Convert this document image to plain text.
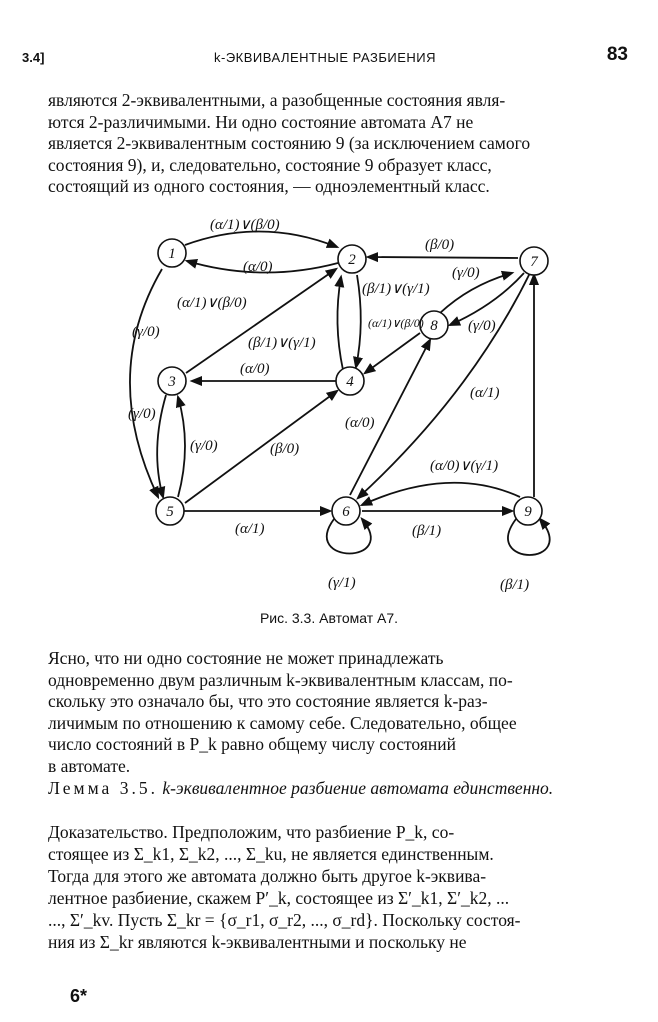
3.4]	k-ЭКВИВАЛЕНТНЫЕ РАЗБИЕНИЯ	83
являются 2-эквивалентными, а разобщенные состояния явля-
ются 2-различимыми. Ни одно состояние автомата A7 не
является 2-эквивалентным состоянию 9 (за исключением самого
состояния 9), и, следовательно, состояние 9 образует класс,
состоящий из одного состояния, — одноэлементный класс.
1	2
3	4
5	6
7
8
9
(α/1)∨(β/0)
(α/0)
(β/0)
(γ/0)
(γ/0)
(β/1)∨(γ/1)
(α/1)∨(β/0)
(α/1)∨(β/0)
(β/1)∨(γ/1)
(γ/0)
(α/0)
(γ/0)
(γ/0)	(β/0)
(α/0)
(α/1)
(α/0)∨(γ/1)
(α/1)	(β/1)
(γ/1)	(β/1)
Рис. 3.3. Автомат A7.
Ясно, что ни одно состояние не может принадлежать
одновременно двум различным k-эквивалентным классам, по-
скольку это означало бы, что это состояние является k-раз-
личимым по отношению к самому себе. Следовательно, общее
число состояний в P_k равно общему числу состояний
в автомате.
Лемма 3.5. k-эквивалентное разбиение автомата единственно.
Доказательство. Предположим, что разбиение P_k, со-
стоящее из Σ_k1, Σ_k2, ..., Σ_ku, не является единственным.
Тогда для этого же автомата должно быть другое k-эквива-
лентное разбиение, скажем P′_k, состоящее из Σ′_k1, Σ′_k2, ...
..., Σ′_kv. Пусть Σ_kr = {σ_r1, σ_r2, ..., σ_rd}. Поскольку состоя-
ния из Σ_kr являются k-эквивалентными и поскольку не
6*
